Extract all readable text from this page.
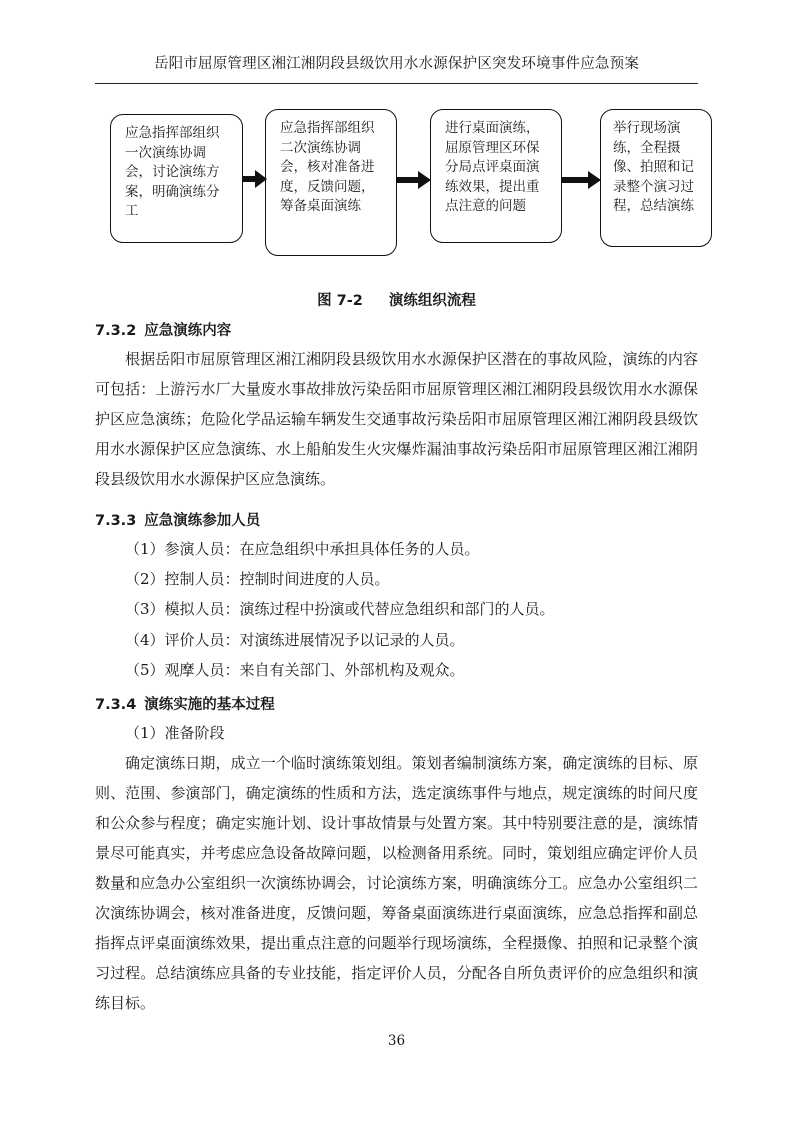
岳阳市屈原管理区湘江湘阴段县级饮用水水源保护区突发环境事件应急预案
应急指挥部组织一次演练协调会，讨论演练方案，明确演练分工
应急指挥部组织二次演练协调会，核对准备进度，反馈问题，筹备桌面演练
进行桌面演练，屈原管理区环保分局点评桌面演练效果，提出重点注意的问题
举行现场演练，全程摄像、拍照和记录整个演习过程，总结演练
图 7-2 演练组织流程
7.3.2 应急演练内容

根据岳阳市屈原管理区湘江湘阴段县级饮用水水源保护区潜在的事故风险，演练的内容可包括：上游污水厂大量废水事故排放污染岳阳市屈原管理区湘江湘阴段县级饮用水水源保护区应急演练；危险化学品运输车辆发生交通事故污染岳阳市屈原管理区湘江湘阴段县级饮用水水源保护区应急演练、水上船舶发生火灾爆炸漏油事故污染岳阳市屈原管理区湘江湘阴段县级饮用水水源保护区应急演练。

7.3.3 应急演练参加人员

（1）参演人员：在应急组织中承担具体任务的人员。

（2）控制人员：控制时间进度的人员。

（3）模拟人员：演练过程中扮演或代替应急组织和部门的人员。

（4）评价人员：对演练进展情况予以记录的人员。

（5）观摩人员：来自有关部门、外部机构及观众。

7.3.4 演练实施的基本过程

（1）准备阶段

确定演练日期，成立一个临时演练策划组。策划者编制演练方案，确定演练的目标、原则、范围、参演部门，确定演练的性质和方法，选定演练事件与地点，规定演练的时间尺度和公众参与程度；确定实施计划、设计事故情景与处置方案。其中特别要注意的是，演练情景尽可能真实，并考虑应急设备故障问题，以检测备用系统。同时，策划组应确定评价人员数量和应急办公室组织一次演练协调会，讨论演练方案，明确演练分工。应急办公室组织二次演练协调会，核对准备进度，反馈问题，筹备桌面演练进行桌面演练，应急总指挥和副总指挥点评桌面演练效果，提出重点注意的问题举行现场演练，全程摄像、拍照和记录整个演习过程。总结演练应具备的专业技能，指定评价人员，分配各自所负责评价的应急组织和演练目标。

36
